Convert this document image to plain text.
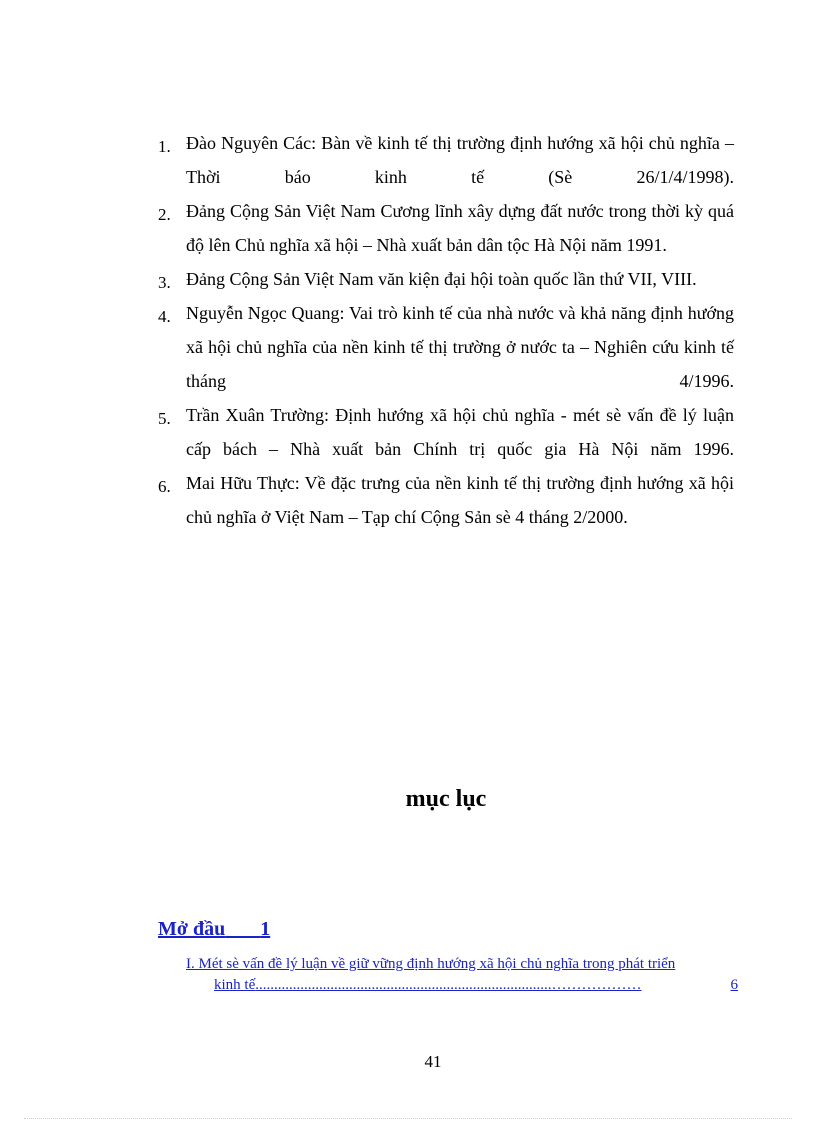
1. Đào Nguyên Các: Bàn về kinh tế thị trường định hướng xã hội chủ nghĩa – Thời báo kinh tế (Sè 26/1/4/1998).
2. Đảng Cộng Sản Việt Nam Cương lĩnh xây dựng đất nước trong thời kỳ quá độ lên Chủ nghĩa xã hội – Nhà xuất bản dân tộc Hà Nội năm 1991.
3. Đảng Cộng Sản Việt Nam văn kiện đại hội toàn quốc lần thứ VII, VIII.
4. Nguyễn Ngọc Quang: Vai trò kinh tế của nhà nước và khả năng định hướng xã hội chủ nghĩa của nền kinh tế thị trường ở nước ta – Nghiên cứu kinh tế tháng 4/1996.
5. Trần Xuân Trường: Định hướng xã hội chủ nghĩa - mét sè vấn đề lý luận cấp bách – Nhà xuất bản Chính trị quốc gia Hà Nội năm 1996.
6. Mai Hữu Thực: Về đặc trưng của nền kinh tế thị trường định hướng xã hội chủ nghĩa ở Việt Nam – Tạp chí Cộng Sản sè 4 tháng 2/2000.
mục lục
Mở đầu 1
I. Mét sè vấn đề lý luận về giữ vững định hướng xã hội chủ nghĩa trong phát triển
kinh tế ...............................................................................………………	6
41
